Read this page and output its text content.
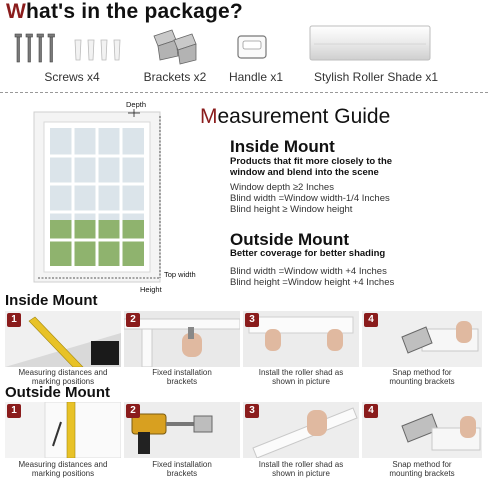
What's in the package?
Screws x4	Brackets x2	Handle x1	Stylish Roller Shade x1
Depth
Top width
Height
Measurement Guide
Inside Mount
Products that fit more closely to the
window and blend into the scene
Window depth ≥2 Inches
Blind width =Window width-1/4 Inches
Blind height ≥ Window height
Outside Mount
Better coverage for better shading
Blind width =Window width +4 Inches
Blind height =Window height +4 Inches
Inside Mount
1	2	3	4
Measuring distances and
marking positions
Fixed installation
brackets
Install the roller shad as
shown in picture
Snap method for
mounting brackets
Outside Mount
1	2	3	4
Measuring distances and
marking positions
Fixed installation
brackets
Install the roller shad as
shown in picture
Snap method for
mounting brackets
